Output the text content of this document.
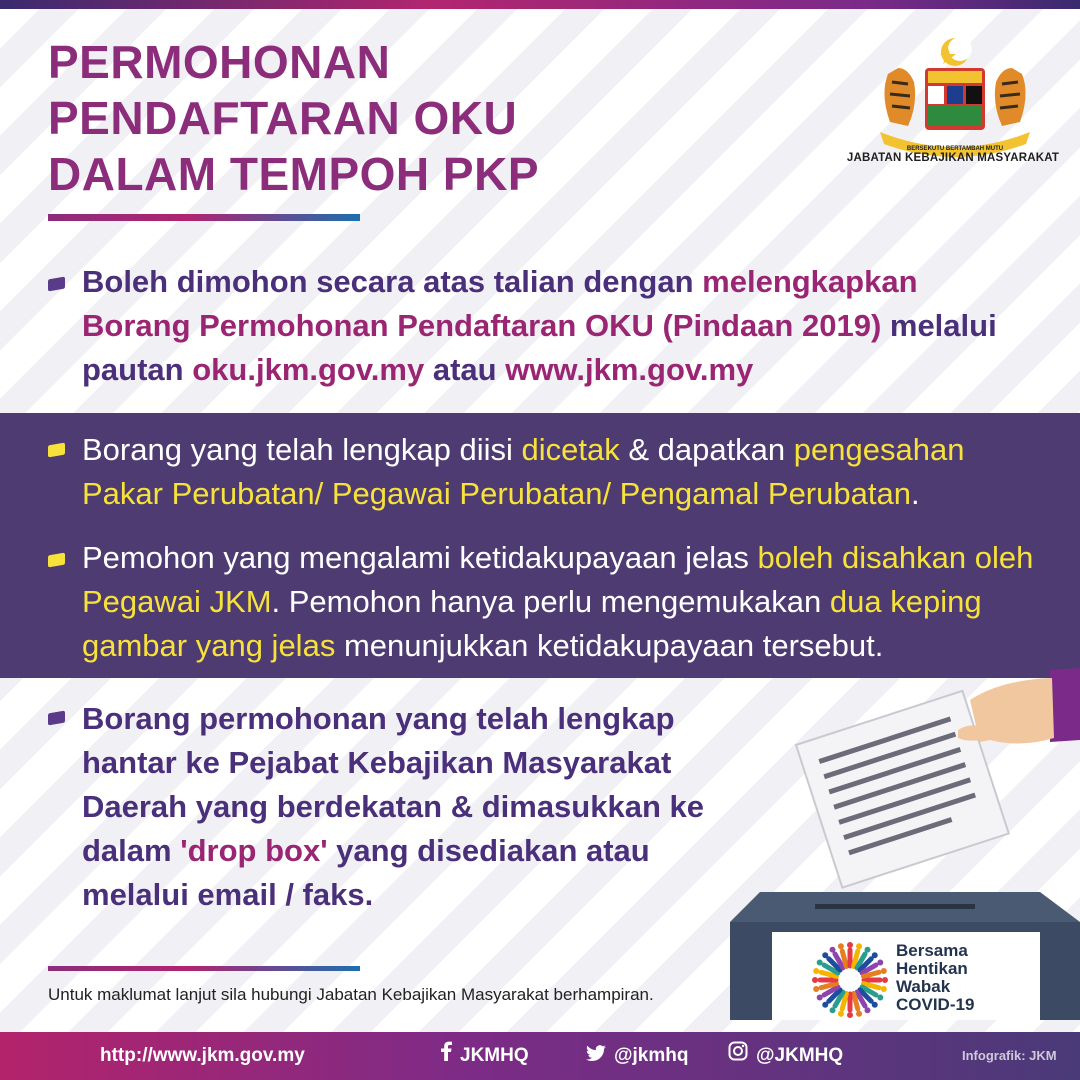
PERMOHONAN
PENDAFTARAN OKU
DALAM TEMPOH PKP	BERSEKUTU BERTAMBAH MUTU
JABATAN KEBAJIKAN MASYARAKAT
Boleh dimohon secara atas talian dengan melengkapkan Borang Permohonan Pendaftaran OKU (Pindaan 2019) melalui pautan oku.jkm.gov.my atau www.jkm.gov.my
Borang yang telah lengkap diisi dicetak & dapatkan pengesahan Pakar Perubatan/ Pegawai Perubatan/ Pengamal Perubatan.
Pemohon yang mengalami ketidakupayaan jelas boleh disahkan oleh Pegawai JKM. Pemohon hanya perlu mengemukakan dua keping gambar yang jelas menunjukkan ketidakupayaan tersebut.
Borang permohonan yang telah lengkap hantar ke Pejabat Kebajikan Masyarakat Daerah yang berdekatan & dimasukkan ke dalam 'drop box' yang disediakan atau melalui email / faks.
Bersama
Hentikan
Wabak
COVID-19
Untuk maklumat lanjut sila hubungi Jabatan Kebajikan Masyarakat berhampiran.
http://www.jkm.gov.my	JKMHQ	@jkmhq	@JKMHQ	Infografik: JKM
